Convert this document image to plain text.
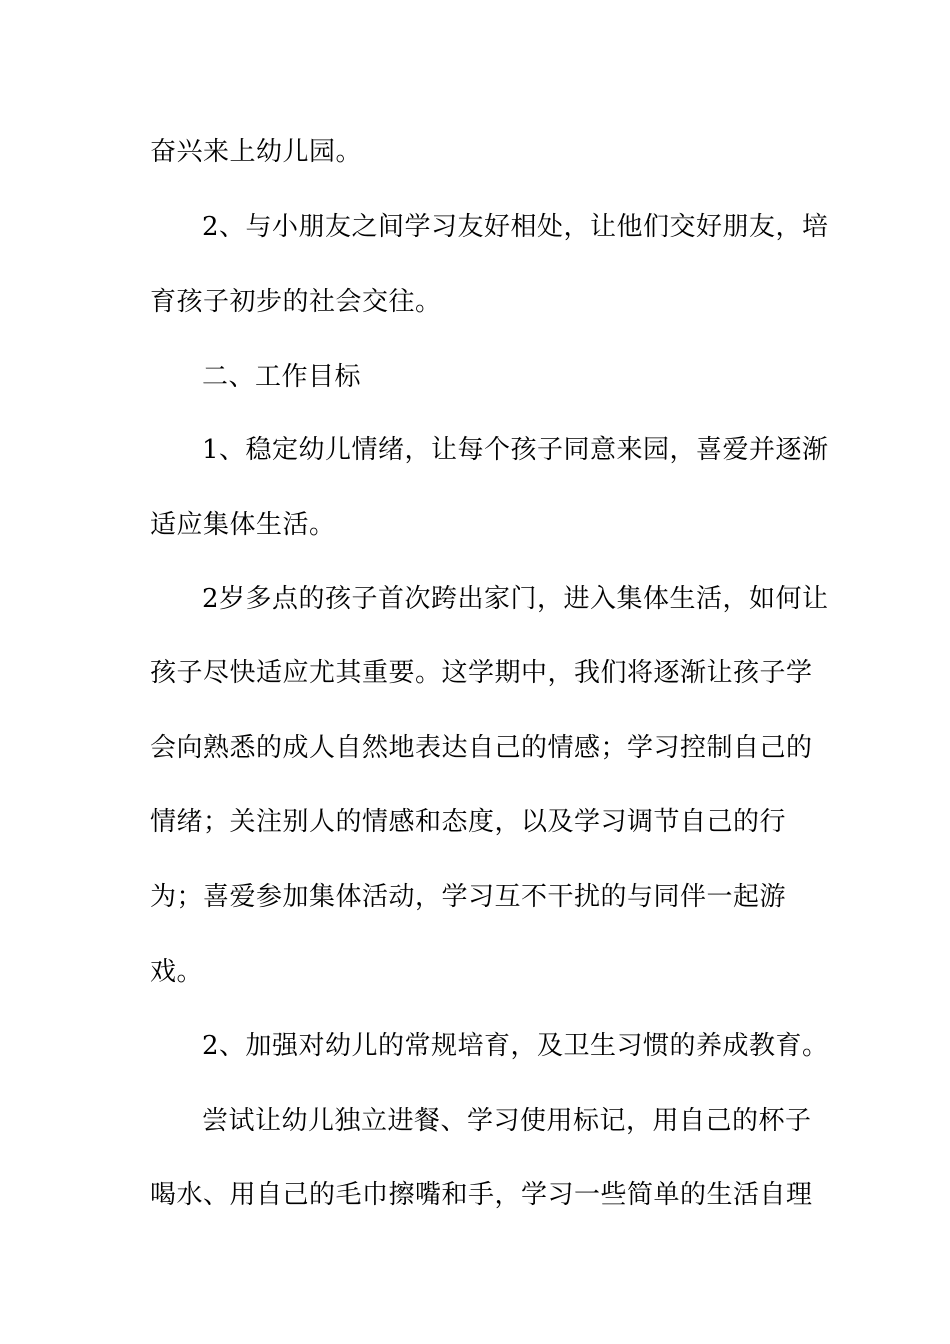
奋兴来上幼儿园。
2、与小朋友之间学习友好相处，让他们交好朋友，培
育孩子初步的社会交往。
二、工作目标
1、稳定幼儿情绪，让每个孩子同意来园，喜爱并逐渐
适应集体生活。
2岁多点的孩子首次跨出家门，进入集体生活，如何让
孩子尽快适应尤其重要。这学期中，我们将逐渐让孩子学
会向熟悉的成人自然地表达自己的情感；学习控制自己的
情绪；关注别人的情感和态度，以及学习调节自己的行
为；喜爱参加集体活动，学习互不干扰的与同伴一起游
戏。
2、加强对幼儿的常规培育，及卫生习惯的养成教育。
尝试让幼儿独立进餐、学习使用标记，用自己的杯子
喝水、用自己的毛巾擦嘴和手，学习一些简单的生活自理
